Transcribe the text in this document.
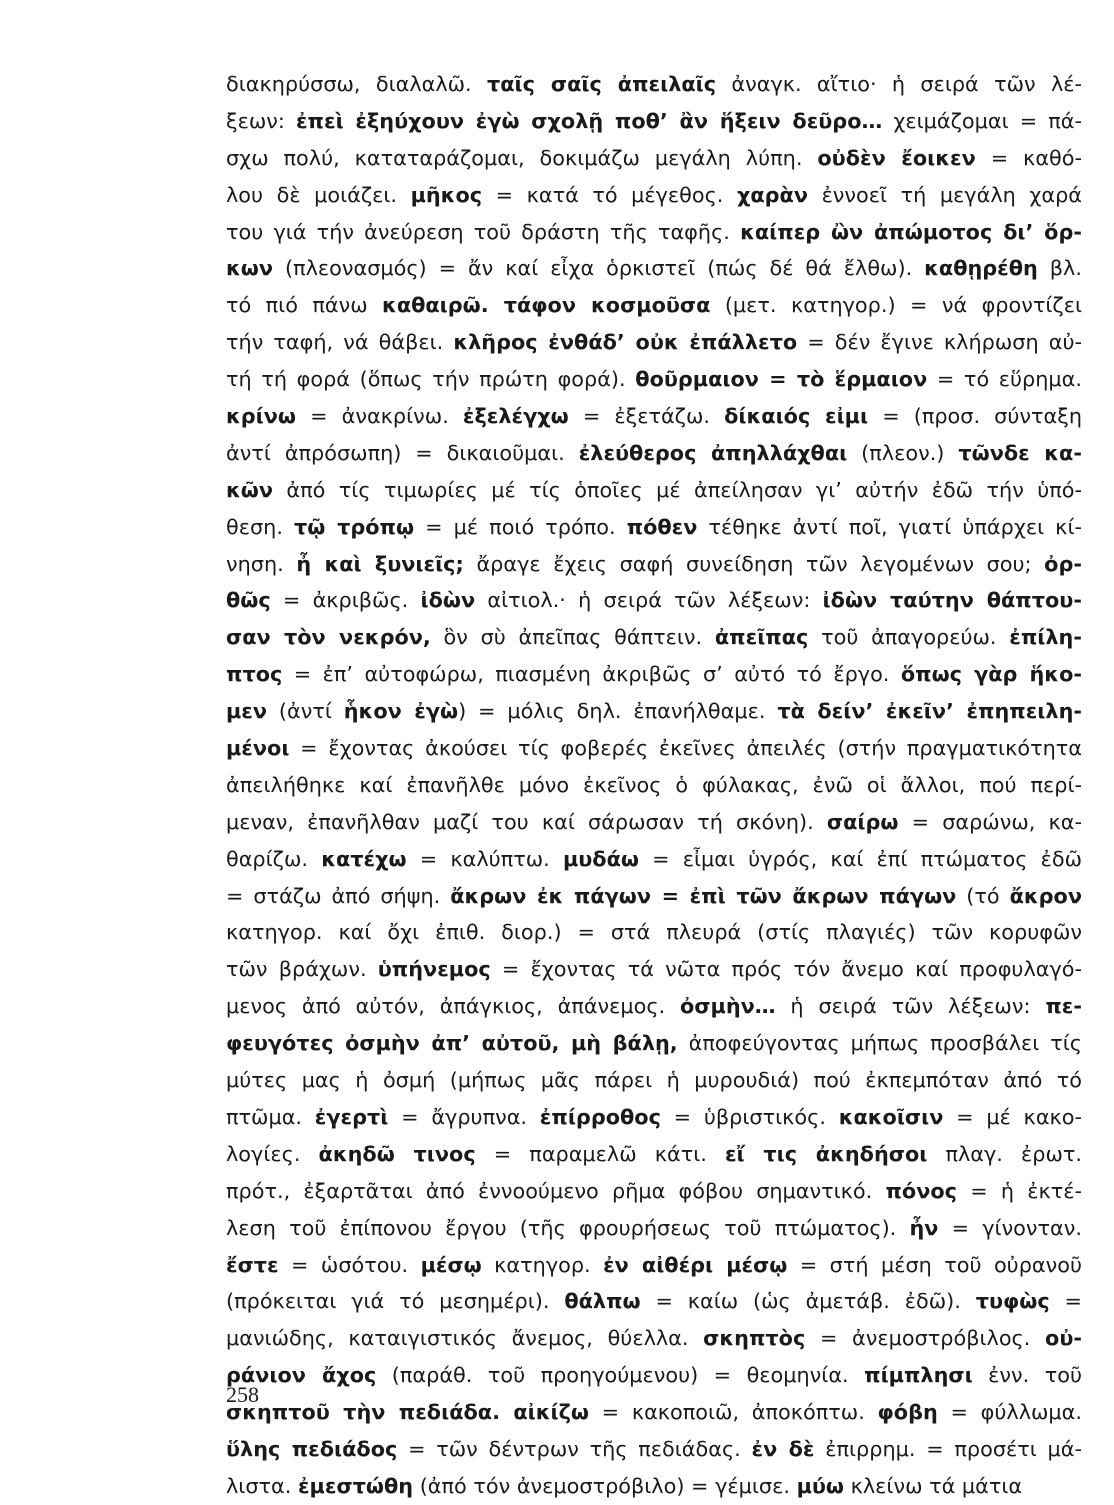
διακηρύσσω, διαλαλῶ. ταῖς σαῖς ἀπειλαῖς ἀναγκ. αἴτιο· ἡ σειρά τῶν λέ-
ξεων: ἐπεὶ ἐξηύχουν ἐγὼ σχολῇ ποθ’ ἂν ἥξειν δεῦρο… χειμάζομαι = πά-
σχω πολύ, καταταράζομαι, δοκιμάζω μεγάλη λύπη. οὐδὲν ἔοικεν = καθό-
λου δὲ μοιάζει. μῆκος = κατά τό μέγεθος. χαρὰν ἐννοεῖ τή μεγάλη χαρά
του γιά τήν ἀνεύρεση τοῦ δράστη τῆς ταφῆς. καίπερ ὢν ἀπώμοτος δι’ ὅρ-
κων (πλεονασμός) = ἄν καί εἶχα ὁρκιστεῖ (πώς δέ θά ἔλθω). καθῃρέθη βλ.
τό πιό πάνω καθαιρῶ. τάφον κοσμοῦσα (μετ. κατηγορ.) = νά φροντίζει
τήν ταφή, νά θάβει. κλῆρος ἐνθάδ’ οὐκ ἐπάλλετο = δέν ἔγινε κλήρωση αὐ-
τή τή φορά (ὅπως τήν πρώτη φορά). θοῦρμαιον = τὸ ἕρμαιον = τό εὕρημα.
κρίνω = ἀνακρίνω. ἐξελέγχω = ἐξετάζω. δίκαιός εἰμι = (προσ. σύνταξη
ἀντί ἀπρόσωπη) = δικαιοῦμαι. ἐλεύθερος ἀπηλλάχθαι (πλεον.) τῶνδε κα-
κῶν ἀπό τίς τιμωρίες μέ τίς ὁποῖες μέ ἀπείλησαν γι’ αὐτήν ἐδῶ τήν ὑπό-
θεση. τῷ τρόπῳ = μέ ποιό τρόπο. πόθεν τέθηκε ἀντί ποῖ, γιατί ὑπάρχει κί-
νηση. ἦ καὶ ξυνιεῖς; ἄραγε ἔχεις σαφή συνείδηση τῶν λεγομένων σου; ὀρ-
θῶς = ἀκριβῶς. ἰδὼν αἰτιολ.· ἡ σειρά τῶν λέξεων: ἰδὼν ταύτην θάπτου-
σαν τὸν νεκρόν, ὃν σὺ ἀπεῖπας θάπτειν. ἀπεῖπας τοῦ ἀπαγορεύω. ἐπίλη-
πτος = ἐπ’ αὐτοφώρω, πιασμένη ἀκριβῶς σ’ αὐτό τό ἔργο. ὅπως γὰρ ἥκο-
μεν (ἀντί ἧκον ἐγὼ) = μόλις δηλ. ἐπανήλθαμε. τὰ δείν’ ἐκεῖν’ ἐπηπειλη-
μένοι = ἔχοντας ἀκούσει τίς φοβερές ἐκεῖνες ἀπειλές (στήν πραγματικότητα
ἀπειλήθηκε καί ἐπανῆλθε μόνο ἐκεῖνος ὁ φύλακας, ἐνῶ οἱ ἄλλοι, πού περί-
μεναν, ἐπανῆλθαν μαζί του καί σάρωσαν τή σκόνη). σαίρω = σαρώνω, κα-
θαρίζω. κατέχω = καλύπτω. μυδάω = εἶμαι ὑγρός, καί ἐπί πτώματος ἐδῶ
= στάζω ἀπό σήψη. ἄκρων ἐκ πάγων = ἐπὶ τῶν ἄκρων πάγων (τό ἄκρον
κατηγορ. καί ὄχι ἐπιθ. διορ.) = στά πλευρά (στίς πλαγιές) τῶν κορυφῶν
τῶν βράχων. ὑπήνεμος = ἔχοντας τά νῶτα πρός τόν ἄνεμο καί προφυλαγό-
μενος ἀπό αὐτόν, ἀπάγκιος, ἀπάνεμος. ὀσμὴν… ἡ σειρά τῶν λέξεων: πε-
φευγότες ὀσμὴν ἀπ’ αὐτοῦ, μὴ βάλῃ, ἀποφεύγοντας μήπως προσβάλει τίς
μύτες μας ἡ ὀσμή (μήπως μᾶς πάρει ἡ μυρουδιά) πού ἐκπεμπόταν ἀπό τό
πτῶμα. ἐγερτὶ = ἄγρυπνα. ἐπίρροθος = ὑβριστικός. κακοῖσιν = μέ κακο-
λογίες. ἀκηδῶ τινος = παραμελῶ κάτι. εἴ τις ἀκηδήσοι πλαγ. ἐρωτ.
πρότ., ἐξαρτᾶται ἀπό ἐννοούμενο ρῆμα φόβου σημαντικό. πόνος = ἡ ἐκτέ-
λεση τοῦ ἐπίπονου ἔργου (τῆς φρουρήσεως τοῦ πτώματος). ἦν = γίνονταν.
ἔστε = ὡσότου. μέσῳ κατηγορ. ἐν αἰθέρι μέσῳ = στή μέση τοῦ οὐρανοῦ
(πρόκειται γιά τό μεσημέρι). θάλπω = καίω (ὡς ἀμετάβ. ἐδῶ). τυφὼς =
μανιώδης, καταιγιστικός ἄνεμος, θύελλα. σκηπτὸς = ἀνεμοστρόβιλος. οὐ-
ράνιον ἄχος (παράθ. τοῦ προηγούμενου) = θεομηνία. πίμπλησι ἐνν. τοῦ
σκηπτοῦ τὴν πεδιάδα. αἰκίζω = κακοποιῶ, ἀποκόπτω. φόβη = φύλλωμα.
ὕλης πεδιάδος = τῶν δέντρων τῆς πεδιάδας. ἐν δὲ ἐπιρρημ. = προσέτι μά-
λιστα. ἐμεστώθη (ἀπό τόν ἀνεμοστρόβιλο) = γέμισε. μύω κλείνω τά μάτια
258
